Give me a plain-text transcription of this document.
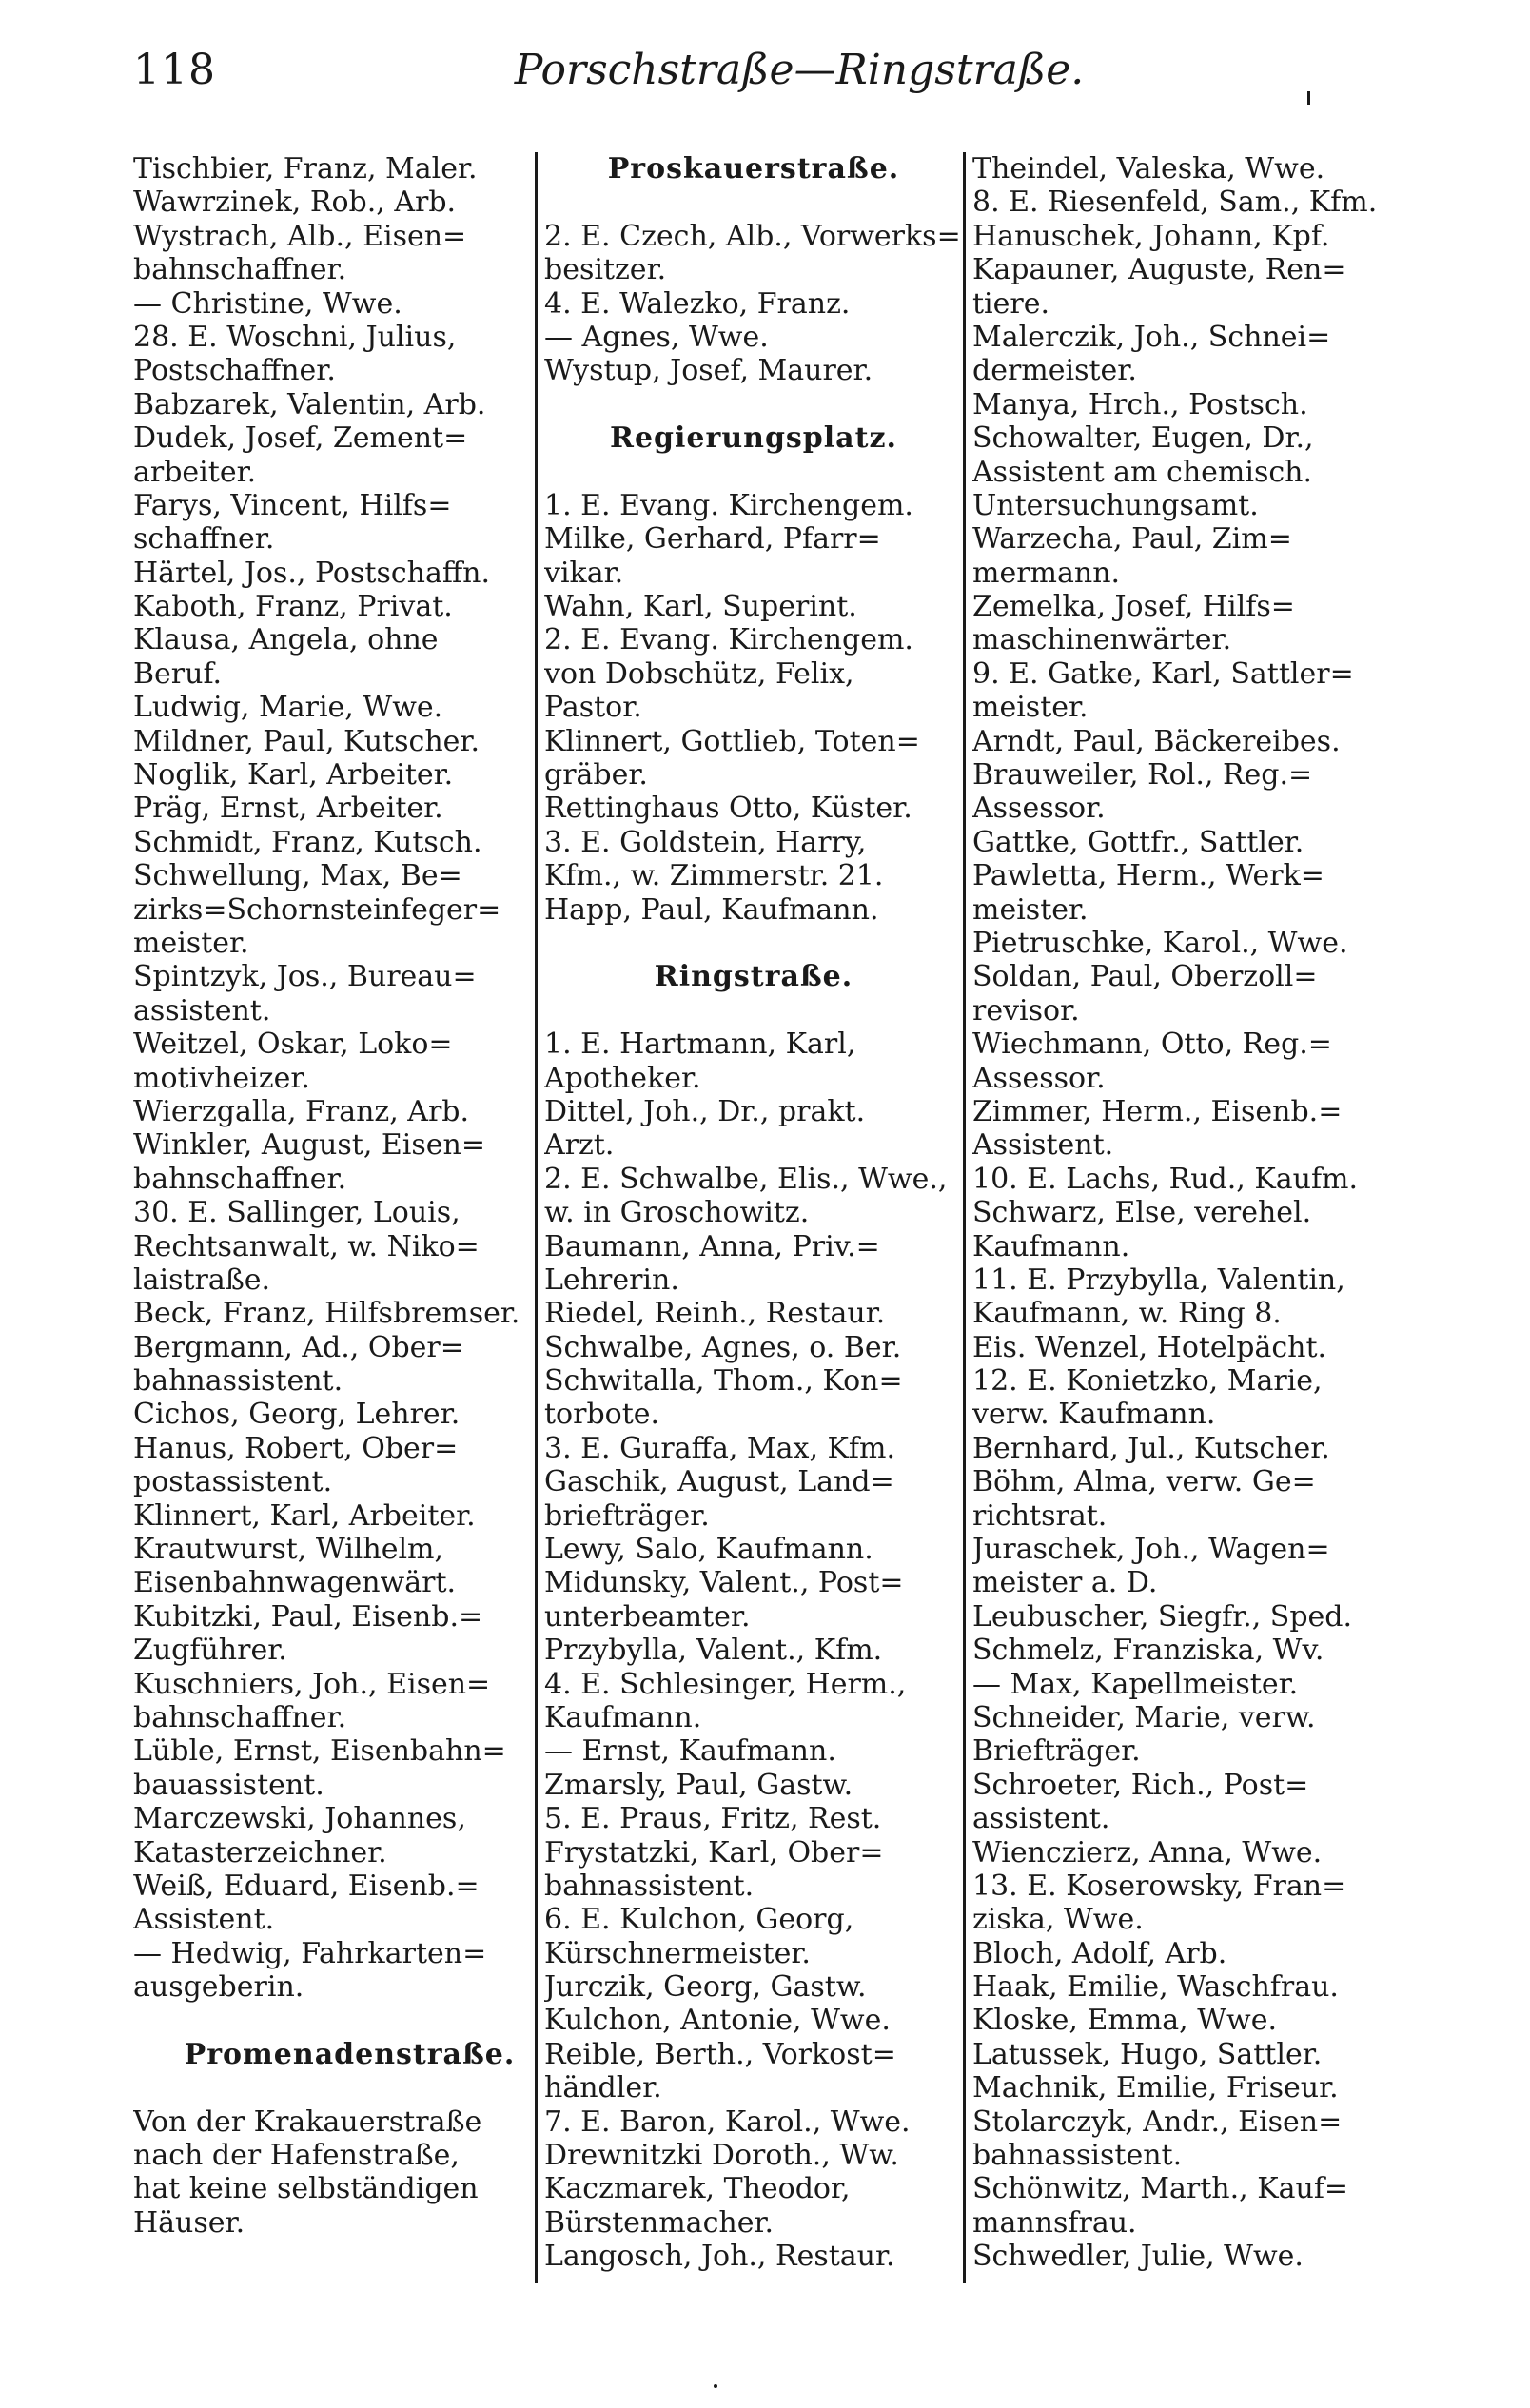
118	Porschstraße—Ringstraße.
Tischbier, Franz, Maler.
Wawrzinek, Rob., Arb.
Wystrach, Alb., Eisen=
bahnschaffner.
— Christine, Wwe.
28. E. Woschni, Julius,
Postschaffner.
Babzarek, Valentin, Arb.
Dudek, Josef, Zement=
arbeiter.
Farys, Vincent, Hilfs=
schaffner.
Härtel, Jos., Postschaffn.
Kaboth, Franz, Privat.
Klausa, Angela, ohne
Beruf.
Ludwig, Marie, Wwe.
Mildner, Paul, Kutscher.
Noglik, Karl, Arbeiter.
Präg, Ernst, Arbeiter.
Schmidt, Franz, Kutsch.
Schwellung, Max, Be=
zirks=Schornsteinfeger=
meister.
Spintzyk, Jos., Bureau=
assistent.
Weitzel, Oskar, Loko=
motivheizer.
Wierzgalla, Franz, Arb.
Winkler, August, Eisen=
bahnschaffner.
30. E. Sallinger, Louis,
Rechtsanwalt, w. Niko=
laistraße.
Beck, Franz, Hilfsbremser.
Bergmann, Ad., Ober=
bahnassistent.
Cichos, Georg, Lehrer.
Hanus, Robert, Ober=
postassistent.
Klinnert, Karl, Arbeiter.
Krautwurst, Wilhelm,
Eisenbahnwagenwärt.
Kubitzki, Paul, Eisenb.=
Zugführer.
Kuschniers, Joh., Eisen=
bahnschaffner.
Lüble, Ernst, Eisenbahn=
bauassistent.
Marczewski, Johannes,
Katasterzeichner.
Weiß, Eduard, Eisenb.=
Assistent.
— Hedwig, Fahrkarten=
ausgeberin.
Promenadenstraße.
Von der Krakauerstraße
nach der Hafenstraße,
hat keine selbständigen
Häuser.
Proskauerstraße.
2. E. Czech, Alb., Vorwerks=
besitzer.
4. E. Walezko, Franz.
— Agnes, Wwe.
Wystup, Josef, Maurer.
Regierungsplatz.
1. E. Evang. Kirchengem.
Milke, Gerhard, Pfarr=
vikar.
Wahn, Karl, Superint.
2. E. Evang. Kirchengem.
von Dobschütz, Felix,
Pastor.
Klinnert, Gottlieb, Toten=
gräber.
Rettinghaus Otto, Küster.
3. E. Goldstein, Harry,
Kfm., w. Zimmerstr. 21.
Happ, Paul, Kaufmann.
Ringstraße.
1. E. Hartmann, Karl,
Apotheker.
Dittel, Joh., Dr., prakt.
Arzt.
2. E. Schwalbe, Elis., Wwe.,
w. in Groschowitz.
Baumann, Anna, Priv.=
Lehrerin.
Riedel, Reinh., Restaur.
Schwalbe, Agnes, o. Ber.
Schwitalla, Thom., Kon=
torbote.
3. E. Guraffa, Max, Kfm.
Gaschik, August, Land=
briefträger.
Lewy, Salo, Kaufmann.
Midunsky, Valent., Post=
unterbeamter.
Przybylla, Valent., Kfm.
4. E. Schlesinger, Herm.,
Kaufmann.
— Ernst, Kaufmann.
Zmarsly, Paul, Gastw.
5. E. Praus, Fritz, Rest.
Frystatzki, Karl, Ober=
bahnassistent.
6. E. Kulchon, Georg,
Kürschnermeister.
Jurczik, Georg, Gastw.
Kulchon, Antonie, Wwe.
Reible, Berth., Vorkost=
händler.
7. E. Baron, Karol., Wwe.
Drewnitzki Doroth., Ww.
Kaczmarek, Theodor,
Bürstenmacher.
Langosch, Joh., Restaur.
Theindel, Valeska, Wwe.
8. E. Riesenfeld, Sam., Kfm.
Hanuschek, Johann, Kpf.
Kapauner, Auguste, Ren=
tiere.
Malerczik, Joh., Schnei=
dermeister.
Manya, Hrch., Postsch.
Schowalter, Eugen, Dr.,
Assistent am chemisch.
Untersuchungsamt.
Warzecha, Paul, Zim=
mermann.
Zemelka, Josef, Hilfs=
maschinenwärter.
9. E. Gatke, Karl, Sattler=
meister.
Arndt, Paul, Bäckereibes.
Brauweiler, Rol., Reg.=
Assessor.
Gattke, Gottfr., Sattler.
Pawletta, Herm., Werk=
meister.
Pietruschke, Karol., Wwe.
Soldan, Paul, Oberzoll=
revisor.
Wiechmann, Otto, Reg.=
Assessor.
Zimmer, Herm., Eisenb.=
Assistent.
10. E. Lachs, Rud., Kaufm.
Schwarz, Else, verehel.
Kaufmann.
11. E. Przybylla, Valentin,
Kaufmann, w. Ring 8.
Eis. Wenzel, Hotelpächt.
12. E. Konietzko, Marie,
verw. Kaufmann.
Bernhard, Jul., Kutscher.
Böhm, Alma, verw. Ge=
richtsrat.
Juraschek, Joh., Wagen=
meister a. D.
Leubuscher, Siegfr., Sped.
Schmelz, Franziska, Wv.
— Max, Kapellmeister.
Schneider, Marie, verw.
Briefträger.
Schroeter, Rich., Post=
assistent.
Wienczierz, Anna, Wwe.
13. E. Koserowsky, Fran=
ziska, Wwe.
Bloch, Adolf, Arb.
Haak, Emilie, Waschfrau.
Kloske, Emma, Wwe.
Latussek, Hugo, Sattler.
Machnik, Emilie, Friseur.
Stolarczyk, Andr., Eisen=
bahnassistent.
Schönwitz, Marth., Kauf=
mannsfrau.
Schwedler, Julie, Wwe.
